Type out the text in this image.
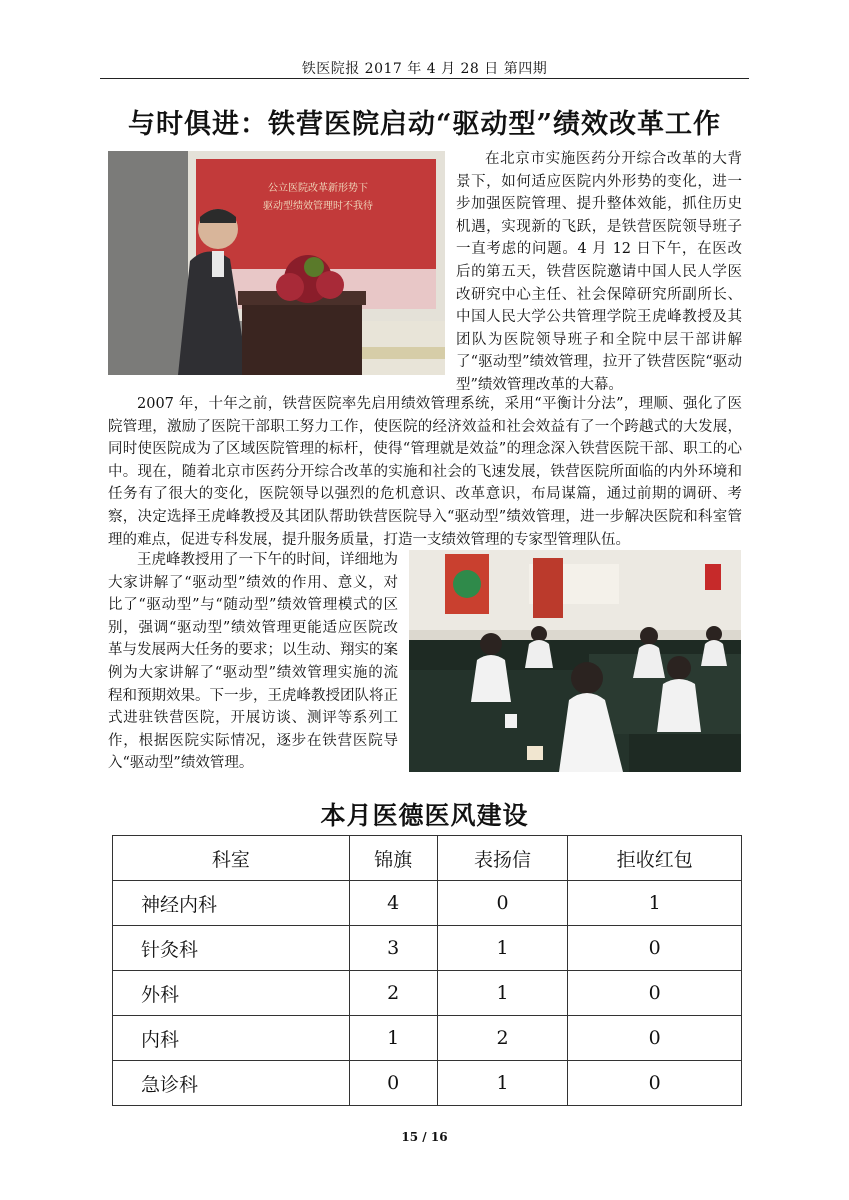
铁医院报 2017 年 4 月 28 日 第四期
与时俱进：铁营医院启动“驱动型”绩效改革工作
公立医院改革新形势下
驱动型绩效管理时不我待
在北京市实施医药分开综合改革的大背景下，如何适应医院内外形势的变化，进一步加强医院管理、提升整体效能，抓住历史机遇，实现新的飞跃，是铁营医院领导班子一直考虑的问题。4 月 12 日下午，在医改后的第五天，铁营医院邀请中国人民人学医改研究中心主任、社会保障研究所副所长、中国人民大学公共管理学院王虎峰教授及其团队为医院领导班子和全院中层干部讲解了“驱动型”绩效管理，拉开了铁营医院“驱动型”绩效管理改革的大幕。
2007 年，十年之前，铁营医院率先启用绩效管理系统，采用“平衡计分法”，理顺、强化了医院管理，激励了医院干部职工努力工作，使医院的经济效益和社会效益有了一个跨越式的大发展，同时使医院成为了区域医院管理的标杆，使得“管理就是效益”的理念深入铁营医院干部、职工的心中。现在，随着北京市医药分开综合改革的实施和社会的飞速发展，铁营医院所面临的内外环境和任务有了很大的变化，医院领导以强烈的危机意识、改革意识，布局谋篇，通过前期的调研、考察，决定选择王虎峰教授及其团队帮助铁营医院导入“驱动型”绩效管理，进一步解决医院和科室管理的难点，促进专科发展，提升服务质量，打造一支绩效管理的专家型管理队伍。
王虎峰教授用了一下午的时间，详细地为大家讲解了“驱动型”绩效的作用、意义，对比了“驱动型”与“随动型”绩效管理模式的区别，强调“驱动型”绩效管理更能适应医院改革与发展两大任务的要求；以生动、翔实的案例为大家讲解了“驱动型”绩效管理实施的流程和预期效果。下一步，王虎峰教授团队将正式进驻铁营医院，开展访谈、测评等系列工作，根据医院实际情况，逐步在铁营医院导入“驱动型”绩效管理。
本月医德医风建设
科室	锦旗	表扬信	拒收红包
神经内科	4	0	1
针灸科	3	1	0
外科	2	1	0
内科	1	2	0
急诊科	0	1	0
15 / 16
